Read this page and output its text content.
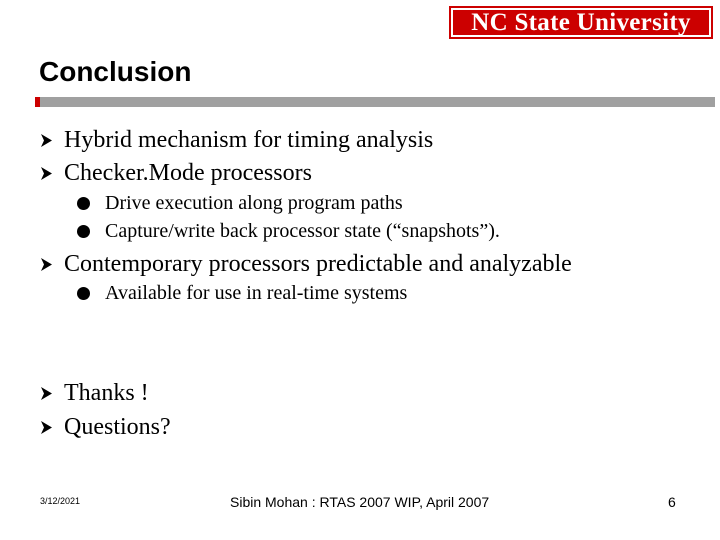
NC State University
Conclusion
Hybrid mechanism for timing analysis
Checker.Mode processors
Drive execution along program paths
Capture/write back processor state (“snapshots”).
Contemporary processors predictable and analyzable
Available for use in real-time systems
Thanks !
Questions?
3/12/2021	Sibin Mohan : RTAS 2007 WIP, April 2007	6
